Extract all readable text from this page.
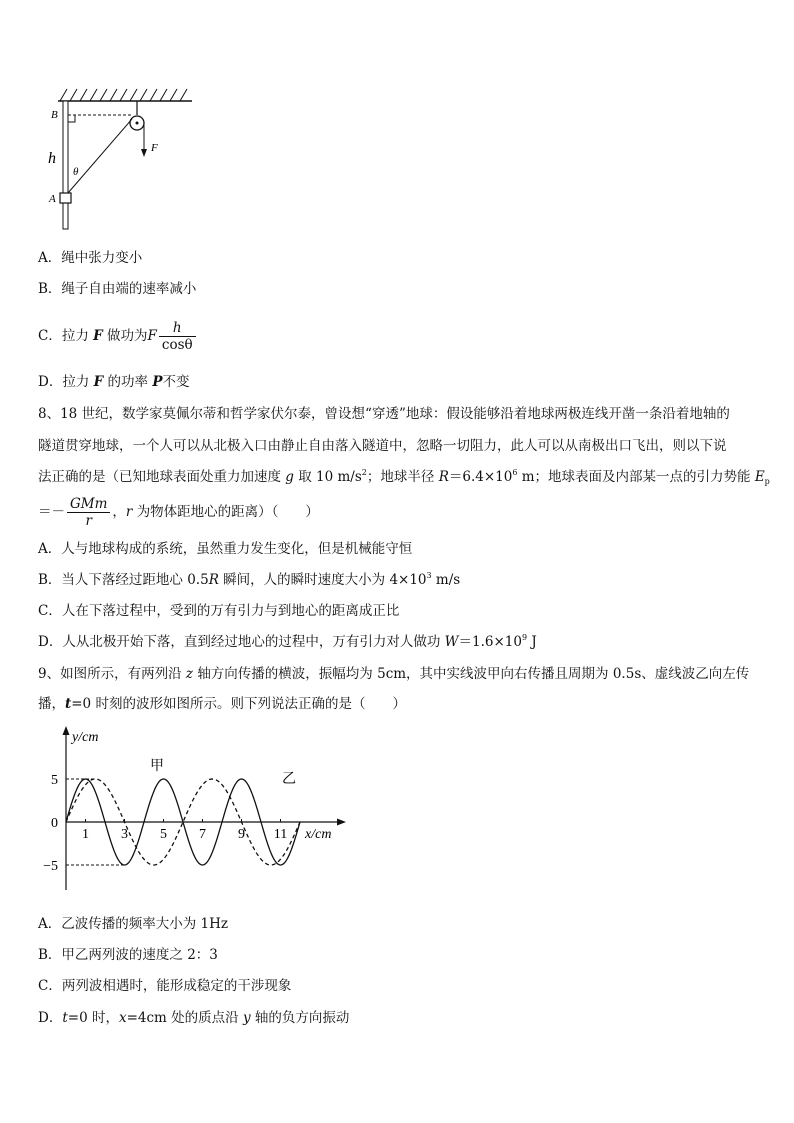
B
h
θ
A
F
A．绳中张力变小
B．绳子自由端的速率减小
C．拉力 F 做功为F $\frac{h}{\cos\theta}$
D．拉力 F 的功率 P不变
8、18 世纪，数学家莫佩尔蒂和哲学家伏尔泰，曾设想“穿透”地球：假设能够沿着地球两极连线开凿一条沿着地轴的
隧道贯穿地球，一个人可以从北极入口由静止自由落入隧道中，忽略一切阻力，此人可以从南极出口飞出，则以下说
法正确的是（已知地球表面处重力加速度 g 取 10 $m/s^2$；地球半径 $R=6.4\times 10^6$ m；地球表面及内部某一点的引力势能 $E_p$
＝－ $\frac{\text{GMm}}{r}$ ，r 为物体距地心的距离）（　　）
A．人与地球构成的系统，虽然重力发生变化，但是机械能守恒
B．当人下落经过距地心 0.5R 瞬间，人的瞬时速度大小为 $4\times 10^3$ m/s
C．人在下落过程中，受到的万有引力与到地心的距离成正比
D．人从北极开始下落，直到经过地心的过程中，万有引力对人做功 $W=1.6\times 10^9$ J
9、如图所示，有两列沿 z 轴方向传播的横波，振幅均为 5cm，其中实线波甲向右传播且周期为 0.5s、虚线波乙向左传
播，t=0 时刻的波形如图所示。则下列说法正确的是（　　）
y/cm
x/cm
1 3 5 7 9 11
5
0
−5
甲
乙
A．乙波传播的频率大小为 1Hz
B．甲乙两列波的速度之 2：3
C．两列波相遇时，能形成稳定的干涉现象
D．t=0 时，x=4cm 处的质点沿 y 轴的负方向振动
